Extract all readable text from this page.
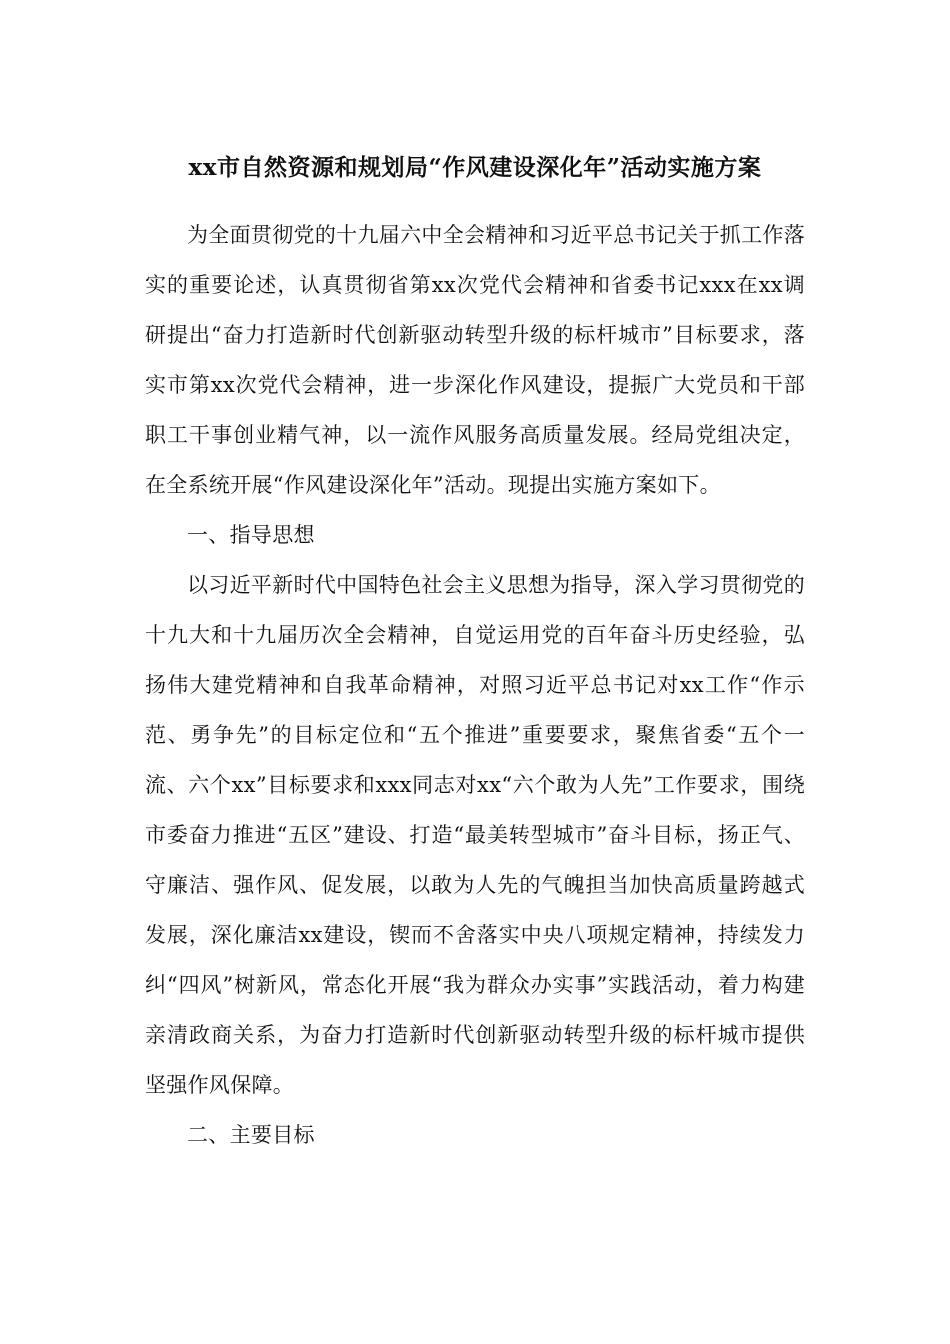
xx市自然资源和规划局“作风建设深化年”活动实施方案

为全面贯彻党的十九届六中全会精神和习近平总书记关于抓工作落实的重要论述，认真贯彻省第xx次党代会精神和省委书记xxx在xx调研提出“奋力打造新时代创新驱动转型升级的标杆城市”目标要求，落实市第xx次党代会精神，进一步深化作风建设，提振广大党员和干部职工干事创业精气神，以一流作风服务高质量发展。经局党组决定，在全系统开展“作风建设深化年”活动。现提出实施方案如下。

一、指导思想

以习近平新时代中国特色社会主义思想为指导，深入学习贯彻党的十九大和十九届历次全会精神，自觉运用党的百年奋斗历史经验，弘扬伟大建党精神和自我革命精神，对照习近平总书记对xx工作“作示范、勇争先”的目标定位和“五个推进”重要要求，聚焦省委“五个一流、六个xx”目标要求和xxx同志对xx“六个敢为人先”工作要求，围绕市委奋力推进“五区”建设、打造“最美转型城市”奋斗目标，扬正气、守廉洁、强作风、促发展，以敢为人先的气魄担当加快高质量跨越式发展，深化廉洁xx建设，锲而不舍落实中央八项规定精神，持续发力纠“四风”树新风，常态化开展“我为群众办实事”实践活动，着力构建亲清政商关系，为奋力打造新时代创新驱动转型升级的标杆城市提供坚强作风保障。

二、主要目标
